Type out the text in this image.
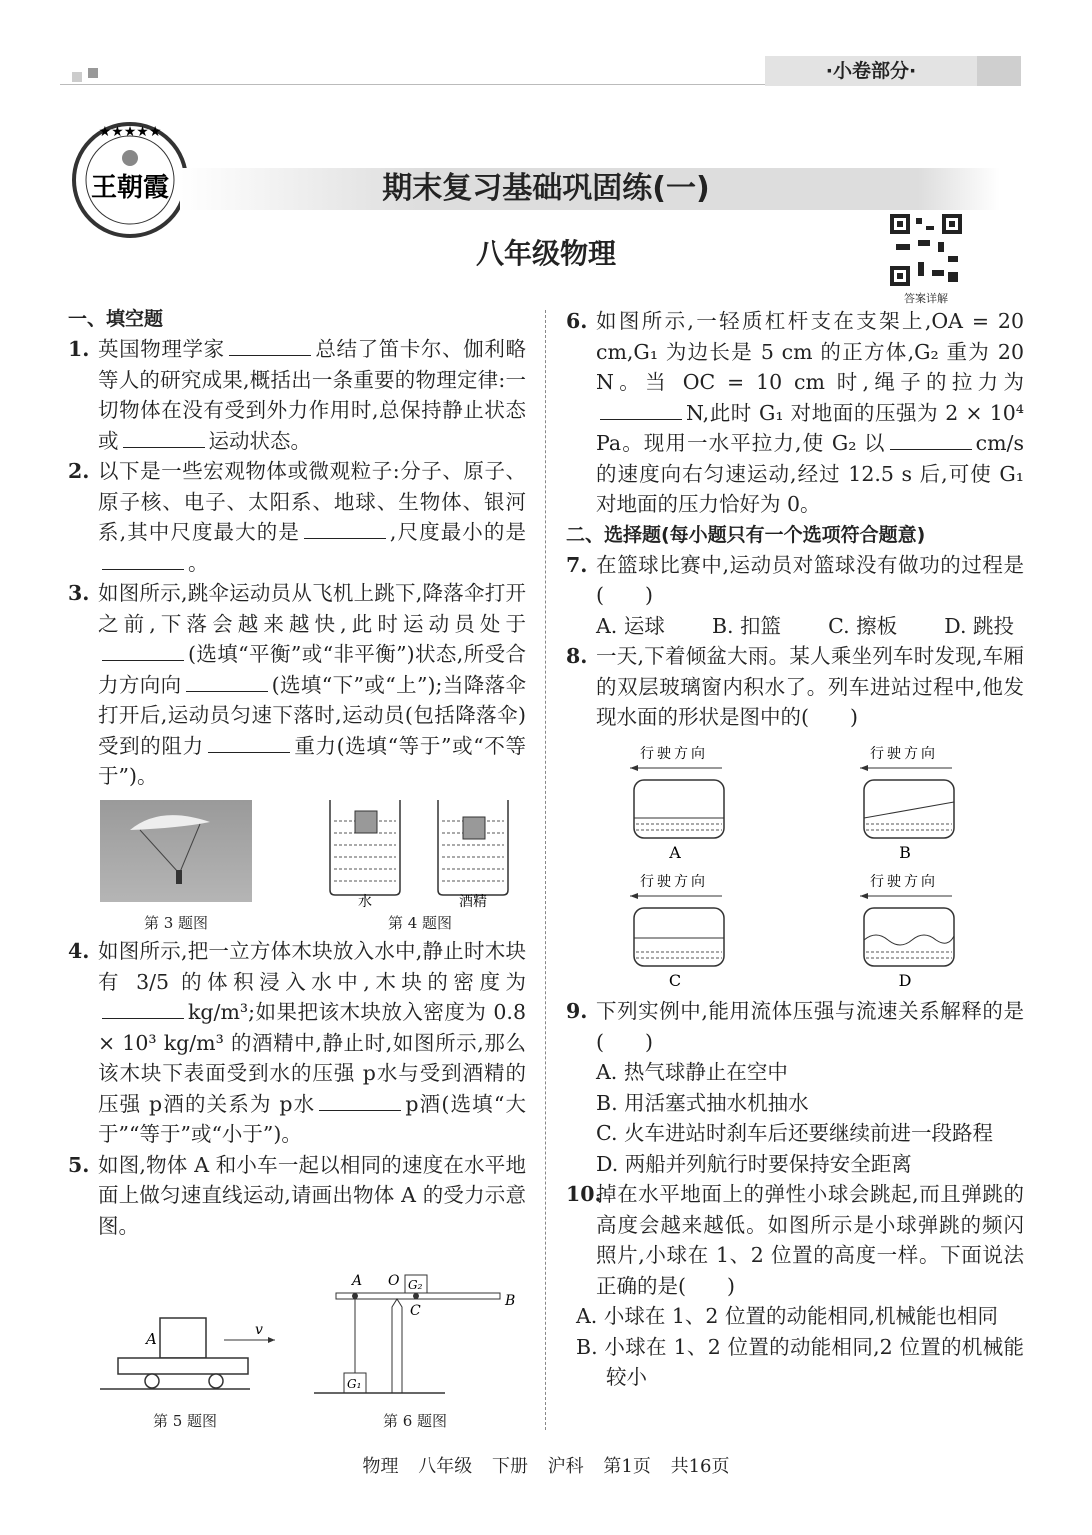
·小卷部分·
★★★★★
王朝霞	期末复习基础巩固练(一)
八年级物理
答案详解
一、填空题
1. 英国物理学家	总结了笛卡尔、伽利略等人的研究成果,概括出一条重要的物理定律:一切物体在没有受到外力作用时,总保持静止状态或	运动状态。
2. 以下是一些宏观物体或微观粒子:分子、原子、原子核、电子、太阳系、地球、生物体、银河系,其中尺度最大的是	,尺度最小的是。
3. 如图所示,跳伞运动员从飞机上跳下,降落伞打开之前,下落会越来越快,此时运动员处于(选填“平衡”或“非平衡”)状态,所受合力方向向	(选填“下”或“上”);当降落伞打开后,运动员匀速下落时,运动员(包括降落伞)受到的阻力	重力(选填“等于”或“不等于”)。
第 3 题图
水	酒精
第 4 题图
4. 如图所示,把一立方体木块放入水中,静止时木块有 3/5 的体积浸入水中,木块的密度为kg/m³;如果把该木块放入密度为 0.8 × 10³ kg/m³ 的酒精中,静止时,如图所示,那么该木块下表面受到水的压强 p水与受到酒精的压强 p酒的关系为 p水	p酒(选填“大于”“等于”或“小于”)。
5. 如图,物体 A 和小车一起以相同的速度在水平地面上做匀速直线运动,请画出物体 A 的受力示意图。
A	v
第 5 题图
A O G₂
B
C
G₁
第 6 题图
6. 如图所示,一轻质杠杆支在支架上,OA = 20 cm,G₁ 为边长是 5 cm 的正方体,G₂ 重为 20 N。当 OC = 10 cm 时,绳子的拉力为N,此时 G₁ 对地面的压强为 2 × 10⁴ Pa。现用一水平拉力,使 G₂ 以	cm/s 的速度向右匀速运动,经过 12.5 s 后,可使 G₁ 对地面的压力恰好为 0。
二、选择题(每小题只有一个选项符合题意)
7. 在篮球比赛中,运动员对篮球没有做功的过程是(　　)
A. 运球 B. 扣篮 C. 擦板 D. 跳投
8. 一天,下着倾盆大雨。某人乘坐列车时发现,车厢的双层玻璃窗内积水了。列车进站过程中,他发现水面的形状是图中的(　　)
行驶方向
A
行驶方向
B
行驶方向
C
行驶方向
D
9. 下列实例中,能用流体压强与流速关系解释的是(　　)
A. 热气球静止在空中
B. 用活塞式抽水机抽水
C. 火车进站时刹车后还要继续前进一段路程
D. 两船并列航行时要保持安全距离
10.
掉在水平地面上的弹性小球会跳起,而且弹跳的高度会越来越低。如图所示是小球弹跳的频闪照片,小球在 1、2 位置的高度一样。下面说法正确的是(　　)
A. 小球在 1、2 位置的动能相同,机械能也相同
B. 小球在 1、2 位置的动能相同,2 位置的机械能较小
物理 八年级 下册 沪科 第1页 共16页
